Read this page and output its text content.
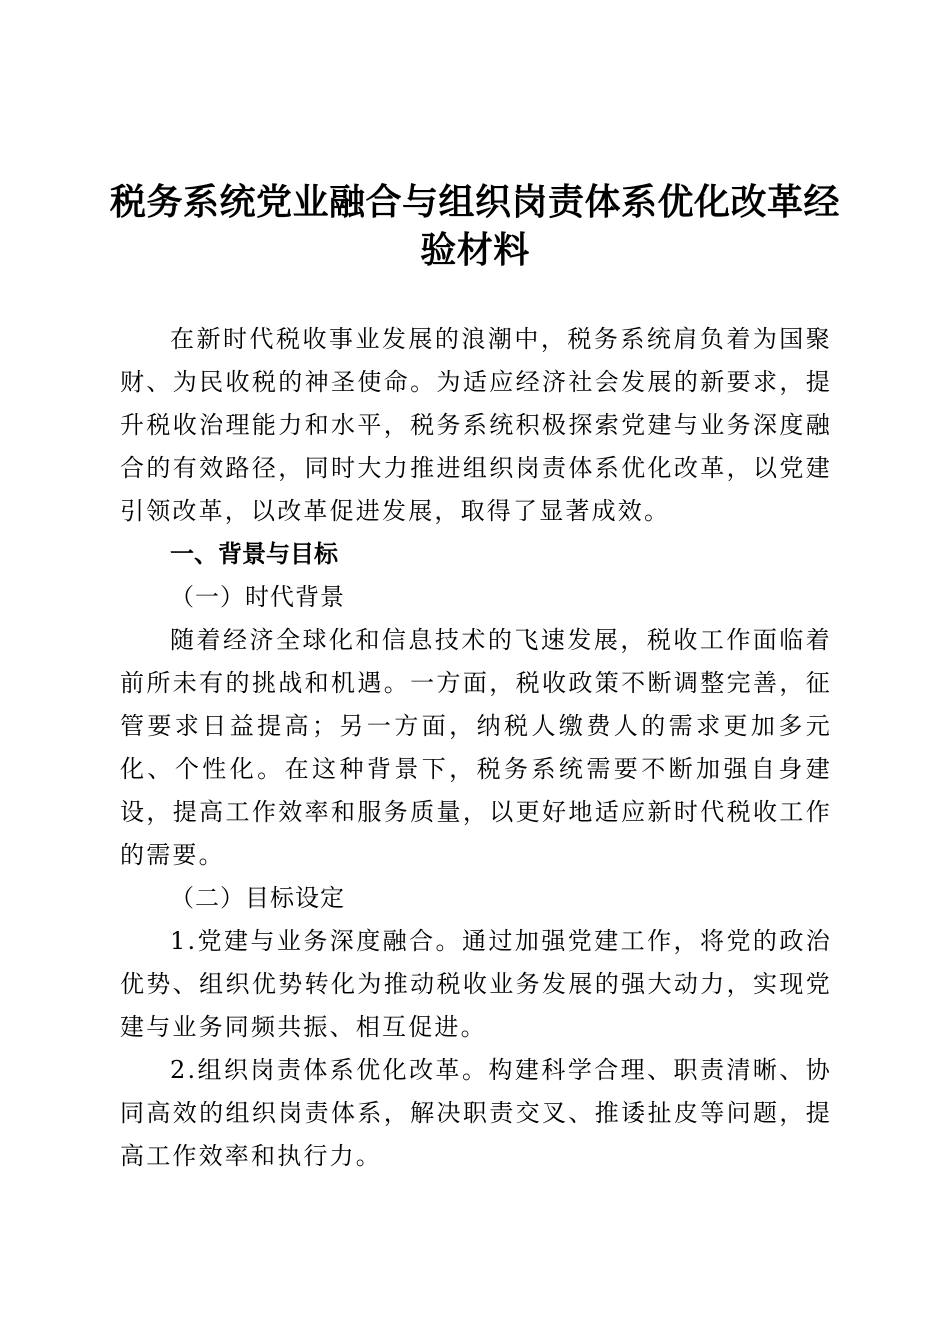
税务系统党业融合与组织岗责体系优化改革经验材料

在新时代税收事业发展的浪潮中，税务系统肩负着为国聚财、为民收税的神圣使命。为适应经济社会发展的新要求，提升税收治理能力和水平，税务系统积极探索党建与业务深度融合的有效路径，同时大力推进组织岗责体系优化改革，以党建引领改革，以改革促进发展，取得了显著成效。

一、背景与目标

（一）时代背景

随着经济全球化和信息技术的飞速发展，税收工作面临着前所未有的挑战和机遇。一方面，税收政策不断调整完善，征管要求日益提高；另一方面，纳税人缴费人的需求更加多元化、个性化。在这种背景下，税务系统需要不断加强自身建设，提高工作效率和服务质量，以更好地适应新时代税收工作的需要。

（二）目标设定

1.党建与业务深度融合。通过加强党建工作，将党的政治优势、组织优势转化为推动税收业务发展的强大动力，实现党建与业务同频共振、相互促进。

2.组织岗责体系优化改革。构建科学合理、职责清晰、协同高效的组织岗责体系，解决职责交叉、推诿扯皮等问题，提高工作效率和执行力。
